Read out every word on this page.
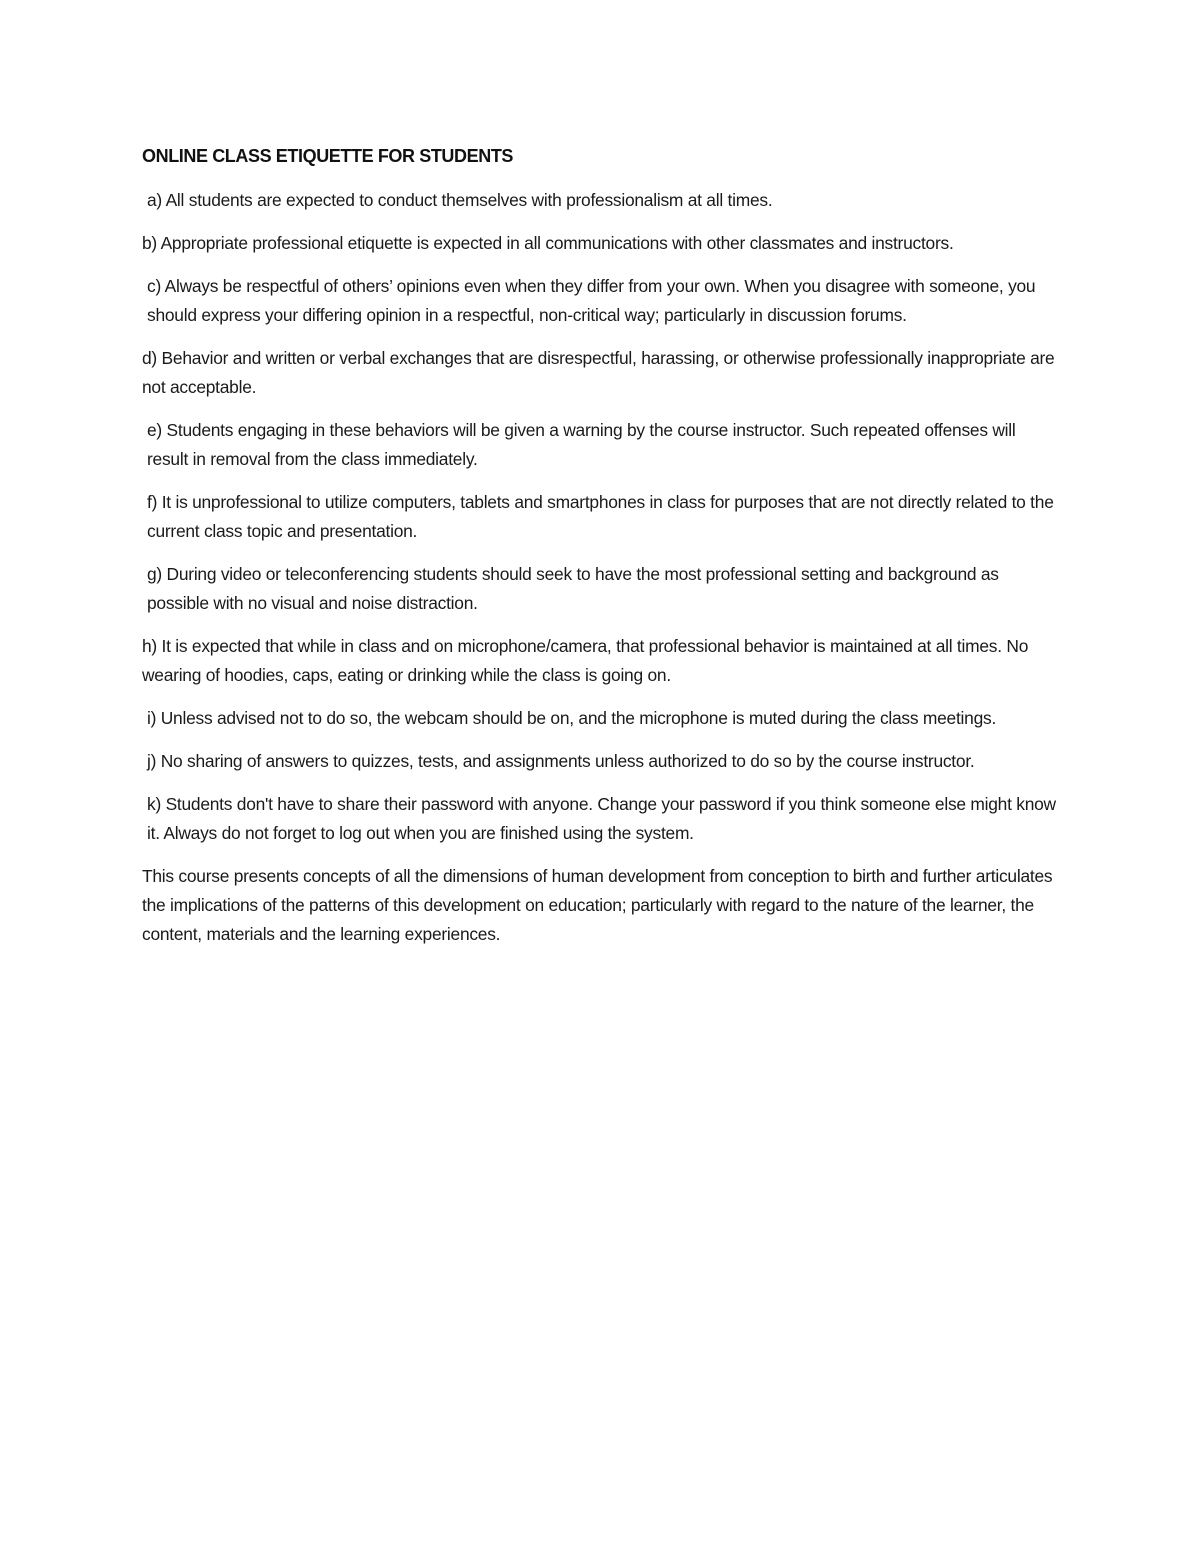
ONLINE CLASS ETIQUETTE FOR STUDENTS

a) All students are expected to conduct themselves with professionalism at all times.

b) Appropriate professional etiquette is expected in all communications with other classmates and instructors.

c) Always be respectful of others’ opinions even when they differ from your own. When you disagree with someone, you should express your differing opinion in a respectful, non-critical way; particularly in discussion forums.

d) Behavior and written or verbal exchanges that are disrespectful, harassing, or otherwise professionally inappropriate are not acceptable.

e) Students engaging in these behaviors will be given a warning by the course instructor. Such repeated offenses will result in removal from the class immediately.

f) It is unprofessional to utilize computers, tablets and smartphones in class for purposes that are not directly related to the current class topic and presentation.

g) During video or teleconferencing students should seek to have the most professional setting and background as possible with no visual and noise distraction.

h) It is expected that while in class and on microphone/camera, that professional behavior is maintained at all times. No wearing of hoodies, caps, eating or drinking while the class is going on.

i) Unless advised not to do so, the webcam should be on, and the microphone is muted during the class meetings.

j) No sharing of answers to quizzes, tests, and assignments unless authorized to do so by the course instructor.

k) Students don't have to share their password with anyone. Change your password if you think someone else might know it. Always do not forget to log out when you are finished using the system.

This course presents concepts of all the dimensions of human development from conception to birth and further articulates the implications of the patterns of this development on education; particularly with regard to the nature of the learner, the content, materials and the learning experiences.
